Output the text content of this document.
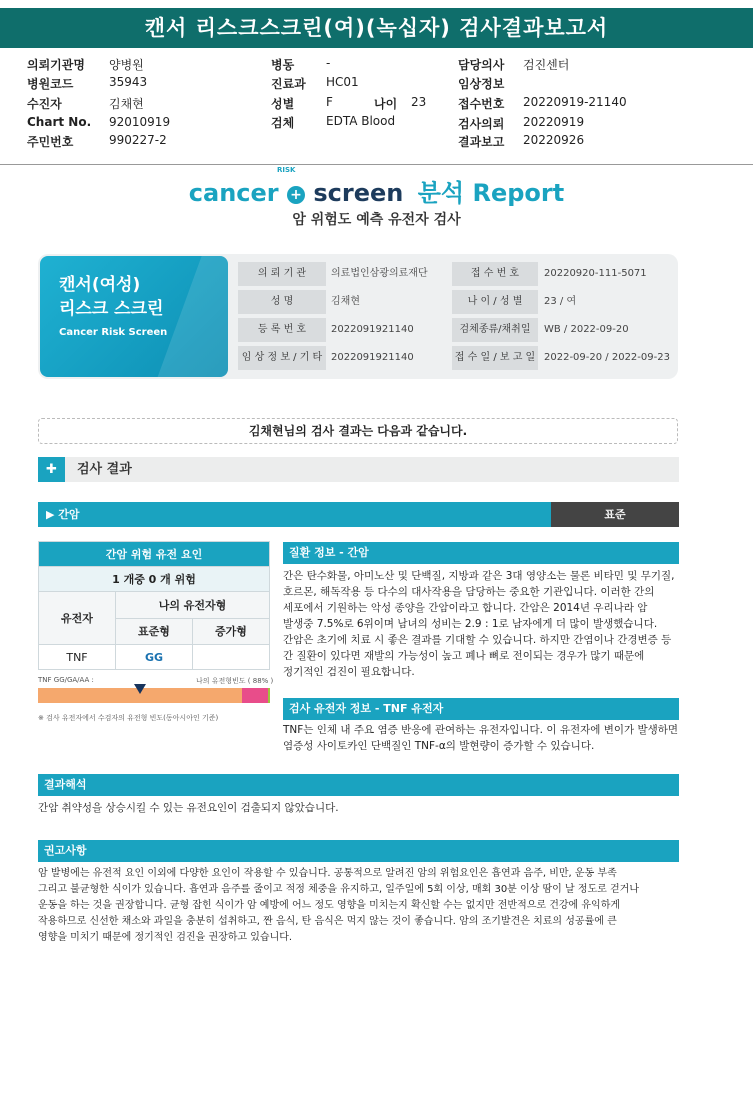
캔서 리스크스크린(여)(녹십자) 검사결과보고서
의뢰기관명 양병원
병원코드	35943
수진자	김채현
Chart No. 92010919
주민번호	990227-2
병동	-
진료과 HC01
성별	F	나이 23
검체	EDTA Blood
담당의사 검진센터
임상정보
접수번호 20220919-21140
검사의뢰 20220919
결과보고 20220926
RISK
cancer + screen 분석 Report
암 위험도 예측 유전자 검사
캔서(여성)
리스크 스크린
Cancer Risk Screen
의 뢰 기 관	의료법인삼광의료재단	접 수 번 호	20220920-111-5071
성 명	김채현	나 이 / 성 별	23 / 여
등 록 번 호	2022091921140	검체종류/채취일	WB / 2022-09-20
임 상 정 보 / 기 타 2022091921140	접 수 일 / 보 고 일 2022-09-20 / 2022-09-23
김채현님의 검사 결과는 다음과 같습니다.
✚	검사 결과
▶ 간암	표준
간암 위험 유전 요인		
1 개중 0 개 위험		
유전자	나의 유전자형	
	표준형	증가형
TNF	GG	
TNF GG/GA/AA :	나의 유전형빈도 ( 88% )
※ 검사 유전자에서 수검자의 유전형 빈도(동아시아인 기준)
질환 정보 - 간암
간은 탄수화물, 아미노산 및 단백질, 지방과 같은 3대 영양소는 물론 비타민 및 무기질,
호르몬, 해독작용 등 다수의 대사작용을 담당하는 중요한 기관입니다. 이러한 간의
세포에서 기원하는 악성 종양을 간암이라고 합니다. 간암은 2014년 우리나라 암
발생중 7.5%로 6위이며 남녀의 성비는 2.9 : 1로 남자에게 더 많이 발생했습니다.
간암은 초기에 치료 시 좋은 결과를 기대할 수 있습니다. 하지만 간염이나 간경변증 등
간 질환이 있다면 재발의 가능성이 높고 폐나 뼈로 전이되는 경우가 많기 때문에
정기적인 검진이 필요합니다.
검사 유전자 정보 - TNF 유전자
TNF는 인체 내 주요 염증 반응에 관여하는 유전자입니다. 이 유전자에 변이가 발생하면
염증성 사이토카인 단백질인 TNF-α의 발현량이 증가할 수 있습니다.
결과해석
간암 취약성을 상승시킬 수 있는 유전요인이 검출되지 않았습니다.
권고사항
암 발병에는 유전적 요인 이외에 다양한 요인이 작용할 수 있습니다. 공통적으로 알려진 암의 위험요인은 흡연과 음주, 비만, 운동 부족
그리고 불균형한 식이가 있습니다. 흡연과 음주를 줄이고 적정 체중을 유지하고, 일주일에 5회 이상, 매회 30분 이상 땀이 날 정도로 걷거나
운동을 하는 것을 권장합니다. 균형 잡힌 식이가 암 예방에 어느 정도 영향을 미치는지 확신할 수는 없지만 전반적으로 건강에 유익하게
작용하므로 신선한 채소와 과일을 충분히 섭취하고, 짠 음식, 탄 음식은 먹지 않는 것이 좋습니다. 암의 조기발견은 치료의 성공률에 큰
영향을 미치기 때문에 정기적인 검진을 권장하고 있습니다.
